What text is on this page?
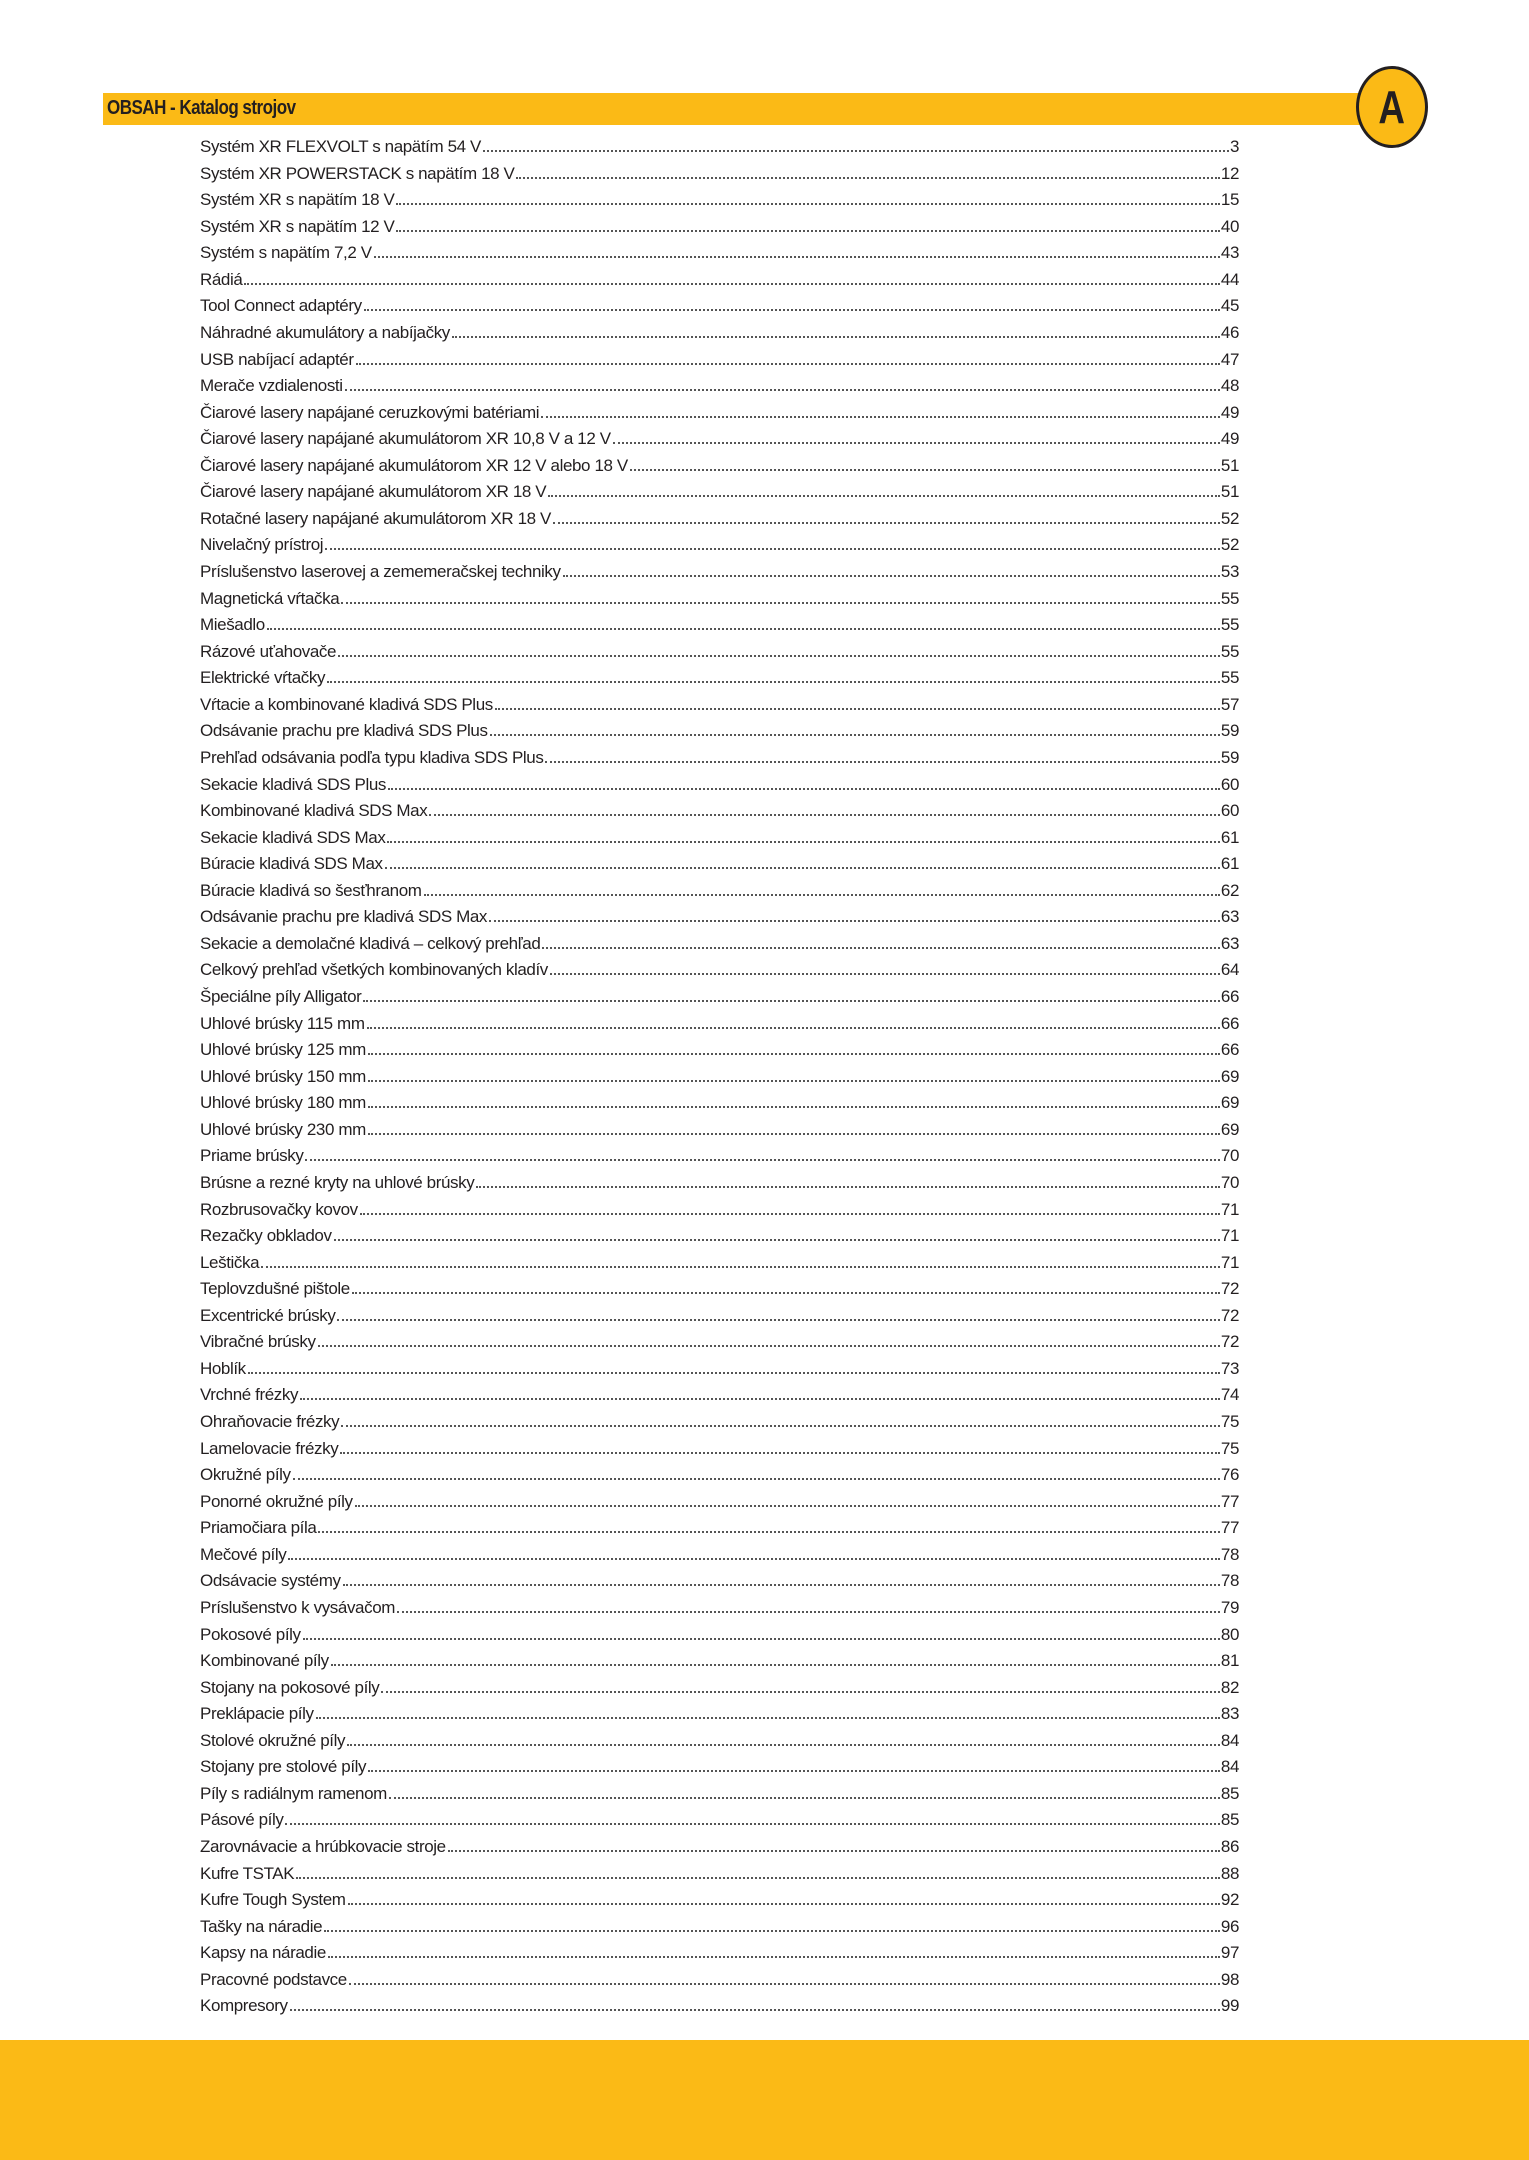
OBSAH - Katalog strojov	A
Systém XR FLEXVOLT s napätím 54 V	3
Systém XR POWERSTACK s napätím 18 V	12
Systém XR s napätím 18 V	15
Systém XR s napätím 12 V	40
Systém s napätím 7,2 V	43
Rádiá	44
Tool Connect adaptéry	45
Náhradné akumulátory a nabíjačky	46
USB nabíjací adaptér	47
Merače vzdialenosti	48
Čiarové lasery napájané ceruzkovými batériami	49
Čiarové lasery napájané akumulátorom XR 10,8 V a 12 V	49
Čiarové lasery napájané akumulátorom XR 12 V alebo 18 V	51
Čiarové lasery napájané akumulátorom XR 18 V	51
Rotačné lasery napájané akumulátorom XR 18 V	52
Nivelačný prístroj	52
Príslušenstvo laserovej a zememeračskej techniky	53
Magnetická vŕtačka	55
Miešadlo	55
Rázové uťahovače	55
Elektrické vŕtačky	55
Vŕtacie a kombinované kladivá SDS Plus	57
Odsávanie prachu pre kladivá SDS Plus	59
Prehľad odsávania podľa typu kladiva SDS Plus	59
Sekacie kladivá SDS Plus	60
Kombinované kladivá SDS Max	60
Sekacie kladivá SDS Max	61
Búracie kladivá SDS Max	61
Búracie kladivá so šesťhranom	62
Odsávanie prachu pre kladivá SDS Max	63
Sekacie a demolačné kladivá – celkový prehľad	63
Celkový prehľad všetkých kombinovaných kladív	64
Špeciálne píly Alligator	66
Uhlové brúsky 115 mm	66
Uhlové brúsky 125 mm	66
Uhlové brúsky 150 mm	69
Uhlové brúsky 180 mm	69
Uhlové brúsky 230 mm	69
Priame brúsky	70
Brúsne a rezné kryty na uhlové brúsky	70
Rozbrusovačky kovov	71
Rezačky obkladov	71
Leštička	71
Teplovzdušné pištole	72
Excentrické brúsky	72
Vibračné brúsky	72
Hoblík	73
Vrchné frézky	74
Ohraňovacie frézky	75
Lamelovacie frézky	75
Okružné píly	76
Ponorné okružné píly	77
Priamočiara píla	77
Mečové píly	78
Odsávacie systémy	78
Príslušenstvo k vysávačom	79
Pokosové píly	80
Kombinované píly	81
Stojany na pokosové píly	82
Preklápacie píly	83
Stolové okružné píly	84
Stojany pre stolové píly	84
Píly s radiálnym ramenom	85
Pásové píly	85
Zarovnávacie a hrúbkovacie stroje	86
Kufre TSTAK	88
Kufre Tough System	92
Tašky na náradie	96
Kapsy na náradie	97
Pracovné podstavce	98
Kompresory	99
